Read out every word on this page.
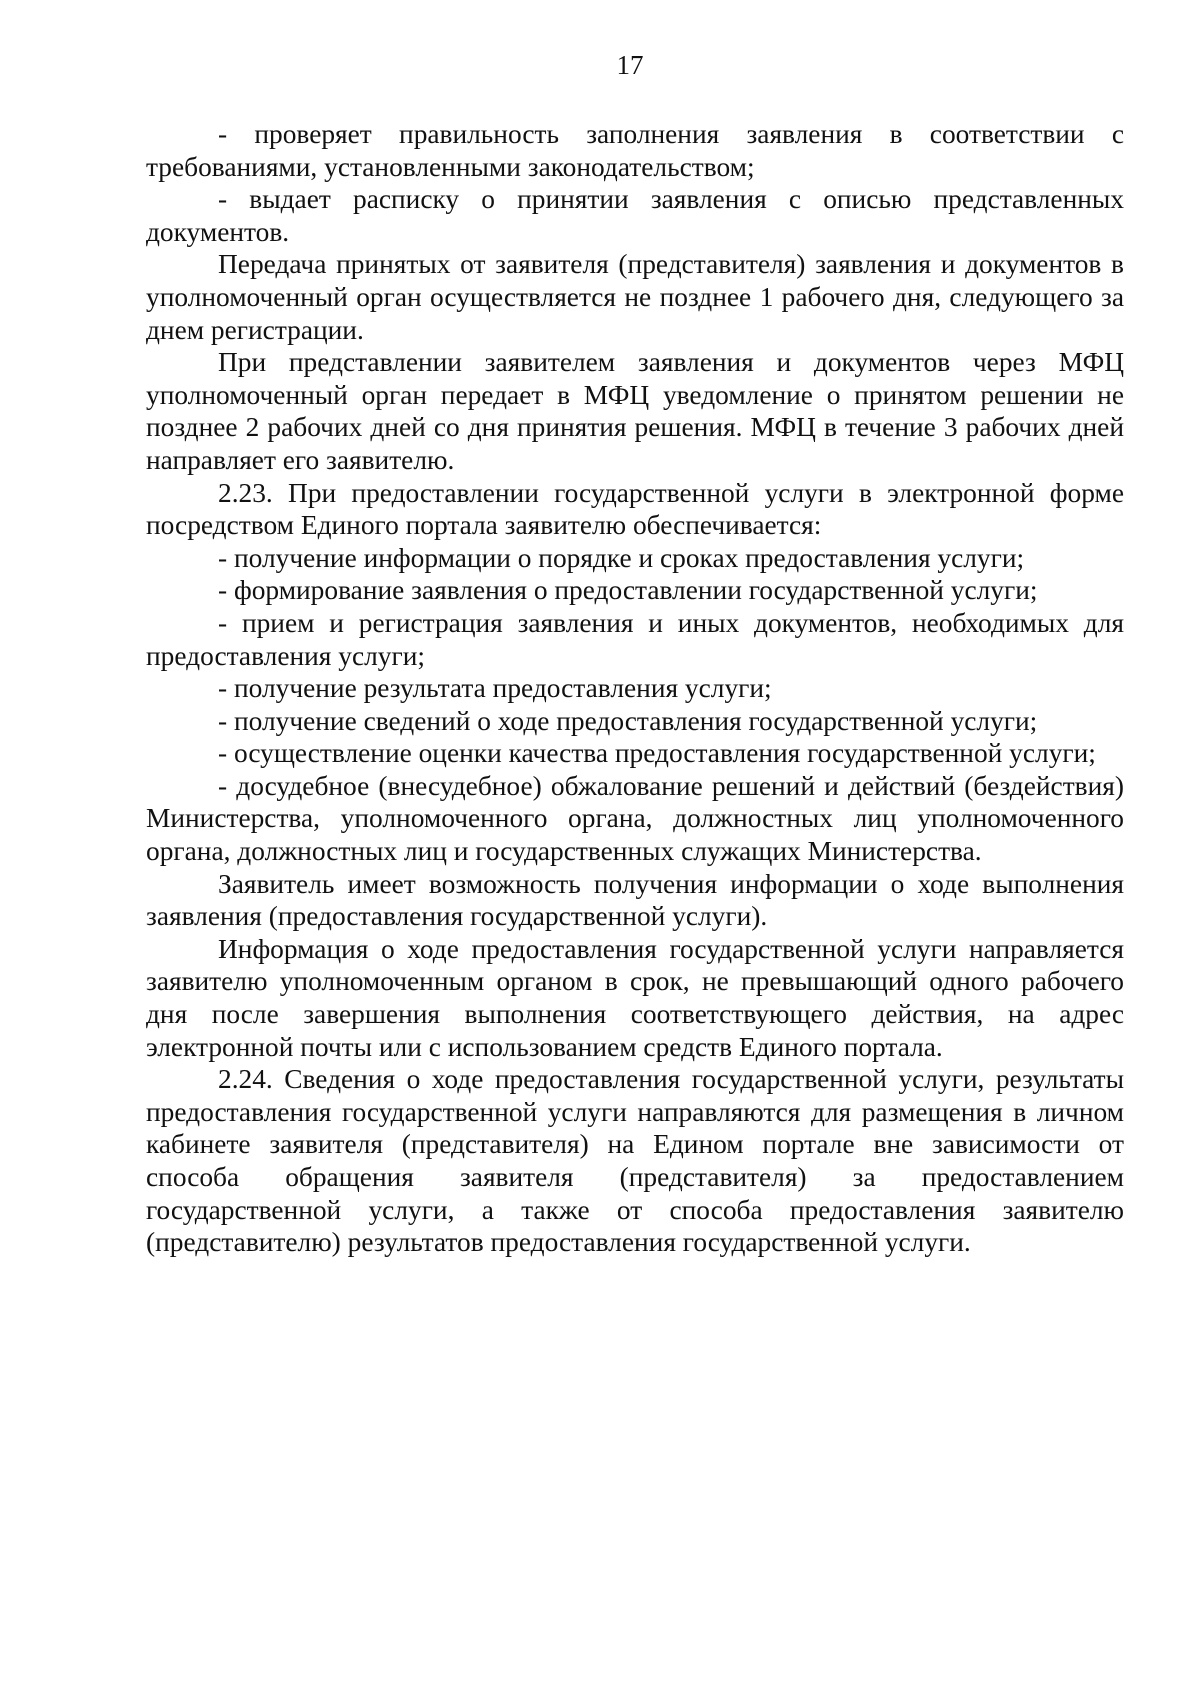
17

- проверяет правильность заполнения заявления в соответствии с требованиями, установленными законодательством;

- выдает расписку о принятии заявления с описью представленных документов.

Передача принятых от заявителя (представителя) заявления и документов в уполномоченный орган осуществляется не позднее 1 рабочего дня, следующего за днем регистрации.

При представлении заявителем заявления и документов через МФЦ уполномоченный орган передает в МФЦ уведомление о принятом решении не позднее 2 рабочих дней со дня принятия решения. МФЦ в течение 3 рабочих дней направляет его заявителю.

2.23. При предоставлении государственной услуги в электронной форме посредством Единого портала заявителю обеспечивается:

- получение информации о порядке и сроках предоставления услуги;

- формирование заявления о предоставлении государственной услуги;

- прием и регистрация заявления и иных документов, необходимых для предоставления услуги;

- получение результата предоставления услуги;

- получение сведений о ходе предоставления государственной услуги;

- осуществление оценки качества предоставления государственной услуги;

- досудебное (внесудебное) обжалование решений и действий (бездействия) Министерства, уполномоченного органа, должностных лиц уполномоченного органа, должностных лиц и государственных служащих Министерства.

Заявитель имеет возможность получения информации о ходе выполнения заявления (предоставления государственной услуги).

Информация о ходе предоставления государственной услуги направляется заявителю уполномоченным органом в срок, не превышающий одного рабочего дня после завершения выполнения соответствующего действия, на адрес электронной почты или с использованием средств Единого портала.

2.24. Сведения о ходе предоставления государственной услуги, результаты предоставления государственной услуги направляются для размещения в личном кабинете заявителя (представителя) на Едином портале вне зависимости от способа обращения заявителя (представителя) за предоставлением государственной услуги, а также от способа предоставления заявителю (представителю) результатов предоставления государственной услуги.
